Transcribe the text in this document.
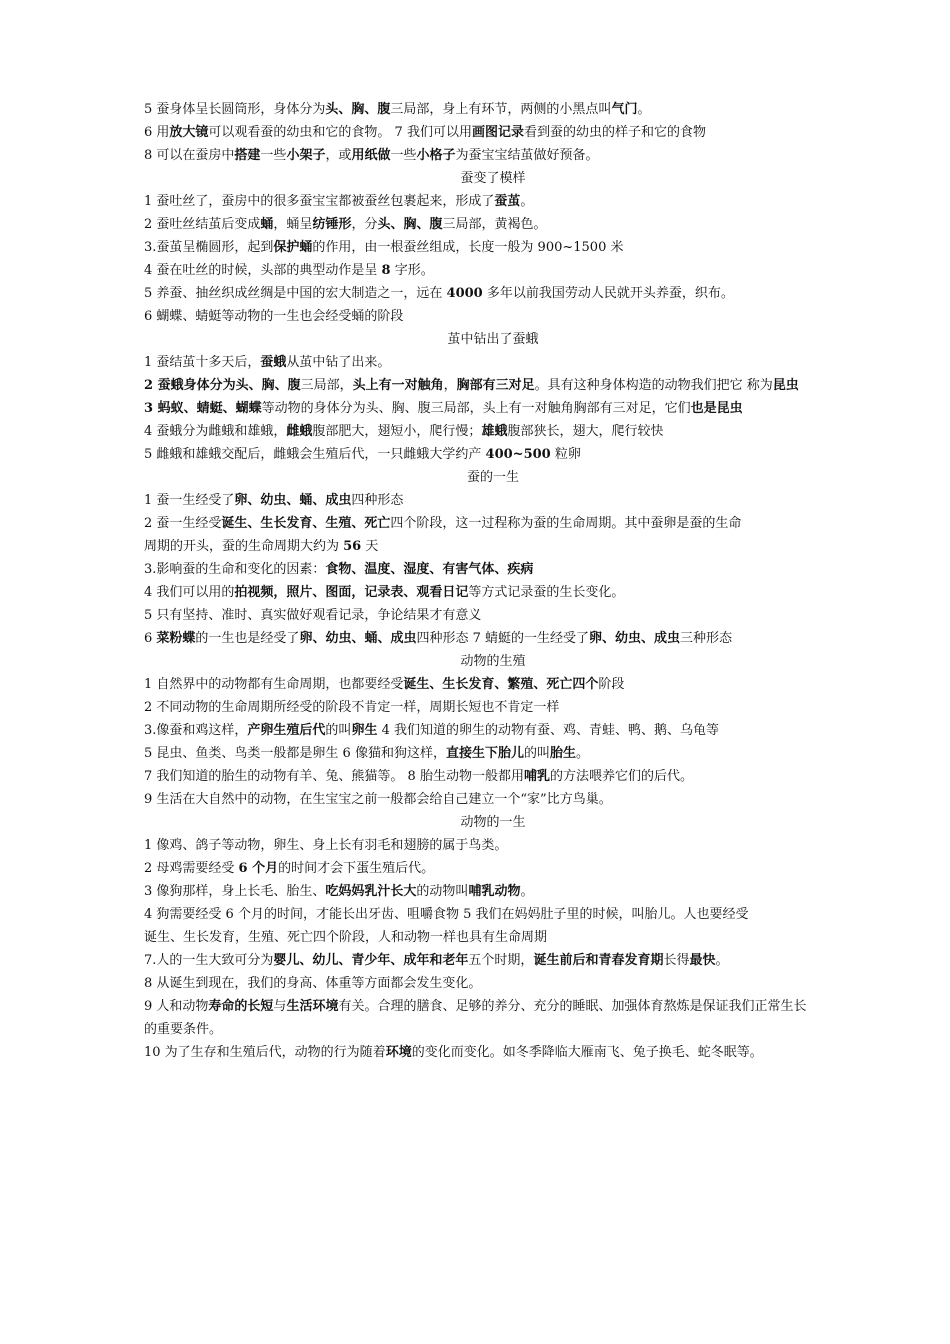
5 蚕身体呈长圆筒形，身体分为头、胸、腹三局部，身上有环节，两侧的小黑点叫气门。
6 用放大镜可以观看蚕的幼虫和它的食物。 7 我们可以用画图记录看到蚕的幼虫的样子和它的食物
8 可以在蚕房中搭建一些小架子，或用纸做一些小格子为蚕宝宝结茧做好预备。
蚕变了模样
1 蚕吐丝了，蚕房中的很多蚕宝宝都被蚕丝包裹起来，形成了蚕茧。
2 蚕吐丝结茧后变成蛹，蛹呈纺锤形，分头、胸、腹三局部，黄褐色。
3.蚕茧呈椭圆形，起到保护蛹的作用，由一根蚕丝组成，长度一般为 900~1500 米
4 蚕在吐丝的时候，头部的典型动作是呈 8 字形。
5 养蚕、抽丝织成丝绸是中国的宏大制造之一，远在 4000 多年以前我国劳动人民就开头养蚕，织布。
6 蝴蝶、蜻蜓等动物的一生也会经受蛹的阶段
茧中钻出了蚕蛾
1 蚕结茧十多天后，蚕蛾从茧中钻了出来。
2 蚕蛾身体分为头、胸、腹三局部，头上有一对触角，胸部有三对足。具有这种身体构造的动物我们把它 称为昆虫
3 蚂蚁、蜻蜓、蝴蝶等动物的身体分为头、胸、腹三局部，头上有一对触角胸部有三对足，它们也是昆虫
4 蚕蛾分为雌蛾和雄蛾，雌蛾腹部肥大，翅短小，爬行慢；雄蛾腹部狭长，翅大，爬行较快
5 雌蛾和雄蛾交配后，雌蛾会生殖后代，一只雌蛾大学约产 400~500 粒卵
蚕的一生
1 蚕一生经受了卵、幼虫、蛹、成虫四种形态
2 蚕一生经受诞生、生长发育、生殖、死亡四个阶段，这一过程称为蚕的生命周期。其中蚕卵是蚕的生命
周期的开头，蚕的生命周期大约为 56 天
3.影响蚕的生命和变化的因素：食物、温度、湿度、有害气体、疾病
4 我们可以用的拍视频，照片、图面，记录表、观看日记等方式记录蚕的生长变化。
5 只有坚持、准时、真实做好观看记录，争论结果才有意义
6 菜粉蝶的一生也是经受了卵、幼虫、蛹、成虫四种形态 7 蜻蜓的一生经受了卵、幼虫、成虫三种形态
动物的生殖
1 自然界中的动物都有生命周期，也都要经受诞生、生长发育、繁殖、死亡四个阶段
2 不同动物的生命周期所经受的阶段不肯定一样，周期长短也不肯定一样
3.像蚕和鸡这样，产卵生殖后代的叫卵生 4 我们知道的卵生的动物有蚕、鸡、青蛙、鸭、鹅、乌龟等
5 昆虫、鱼类、鸟类一般都是卵生 6 像猫和狗这样，直接生下胎儿的叫胎生。
7 我们知道的胎生的动物有羊、兔、熊猫等。 8 胎生动物一般都用哺乳的方法喂养它们的后代。
9 生活在大自然中的动物，在生宝宝之前一般都会给自己建立一个“家”比方鸟巢。
动物的一生
1 像鸡、鸽子等动物，卵生、身上长有羽毛和翅膀的属于鸟类。
2 母鸡需要经受 6 个月的时间才会下蛋生殖后代。
3 像狗那样，身上长毛、胎生、吃妈妈乳汁长大的动物叫哺乳动物。
4 狗需要经受 6 个月的时间，才能长出牙齿、咀嚼食物 5 我们在妈妈肚子里的时候，叫胎儿。人也要经受
诞生、生长发育，生殖、死亡四个阶段，人和动物一样也具有生命周期
7.人的一生大致可分为婴儿、幼儿、青少年、成年和老年五个时期，诞生前后和青春发育期长得最快。
8 从诞生到现在，我们的身高、体重等方面都会发生变化。
9 人和动物寿命的长短与生活环境有关。合理的膳食、足够的养分、充分的睡眠、加强体育熬炼是保证我们正常生长的重要条件。
10 为了生存和生殖后代，动物的行为随着环境的变化而变化。如冬季降临大雁南飞、兔子换毛、蛇冬眠等。
